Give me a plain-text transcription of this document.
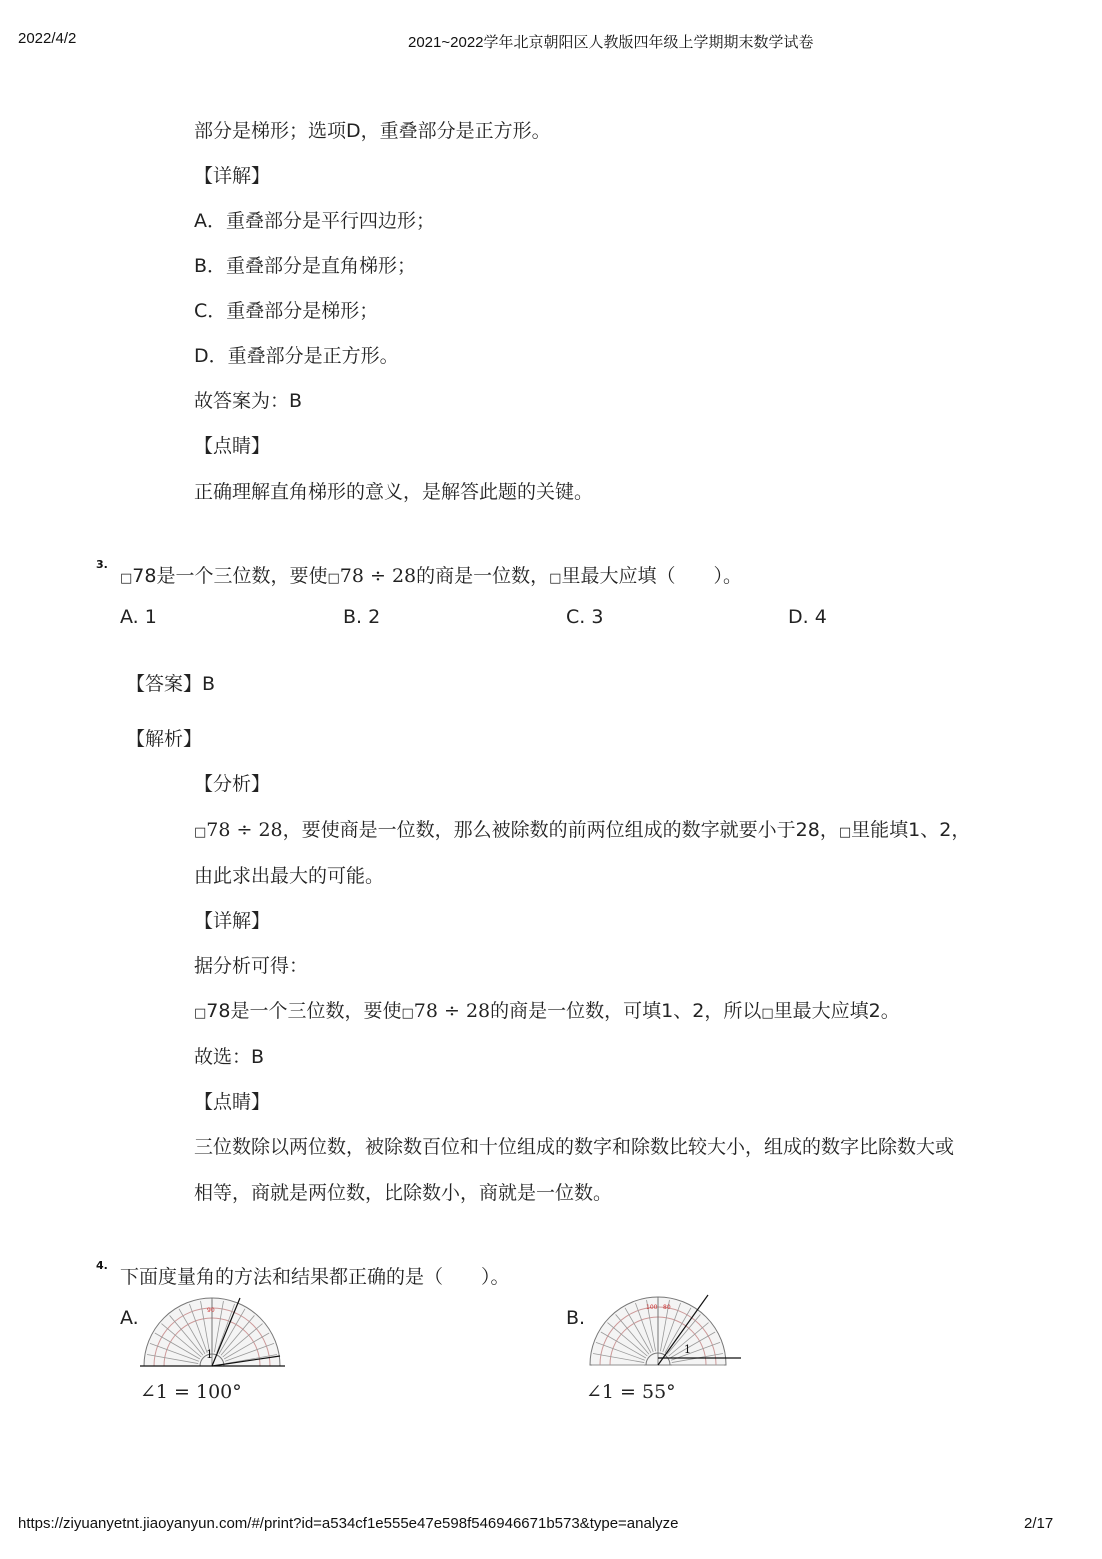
2022/4/2	2021~2022学年北京朝阳区人教版四年级上学期期末数学试卷
部分是梯形；选项D，重叠部分是正方形。
【详解】
A．重叠部分是平行四边形；
B．重叠部分是直角梯形；
C．重叠部分是梯形；
D．重叠部分是正方形。
故答案为：B
【点睛】
正确理解直角梯形的意义，是解答此题的关键。
3.
□78是一个三位数，要使□78 ÷ 28的商是一位数，□里最大应填（　　）。
A. 1	B. 2	C. 3	D. 4
【答案】B
【解析】
【分析】
□78 ÷ 28，要使商是一位数，那么被除数的前两位组成的数字就要小于28，□里能填1、2，
由此求出最大的可能。
【详解】
据分析可得：
□78是一个三位数，要使□78 ÷ 28的商是一位数，可填1、2，所以□里最大应填2。
故选：B
【点睛】
三位数除以两位数，被除数百位和十位组成的数字和除数比较大小，组成的数字比除数大或
相等，商就是两位数，比除数小，商就是一位数。
4.
下面度量角的方法和结果都正确的是（　　）。
A.
1
90
∠1 = 100°
B.
1
100 80
∠1 = 55°
https://ziyuanyetnt.jiaoyanyun.com/#/print?id=a534cf1e555e47e598f546946671b573&type=analyze	2/17
